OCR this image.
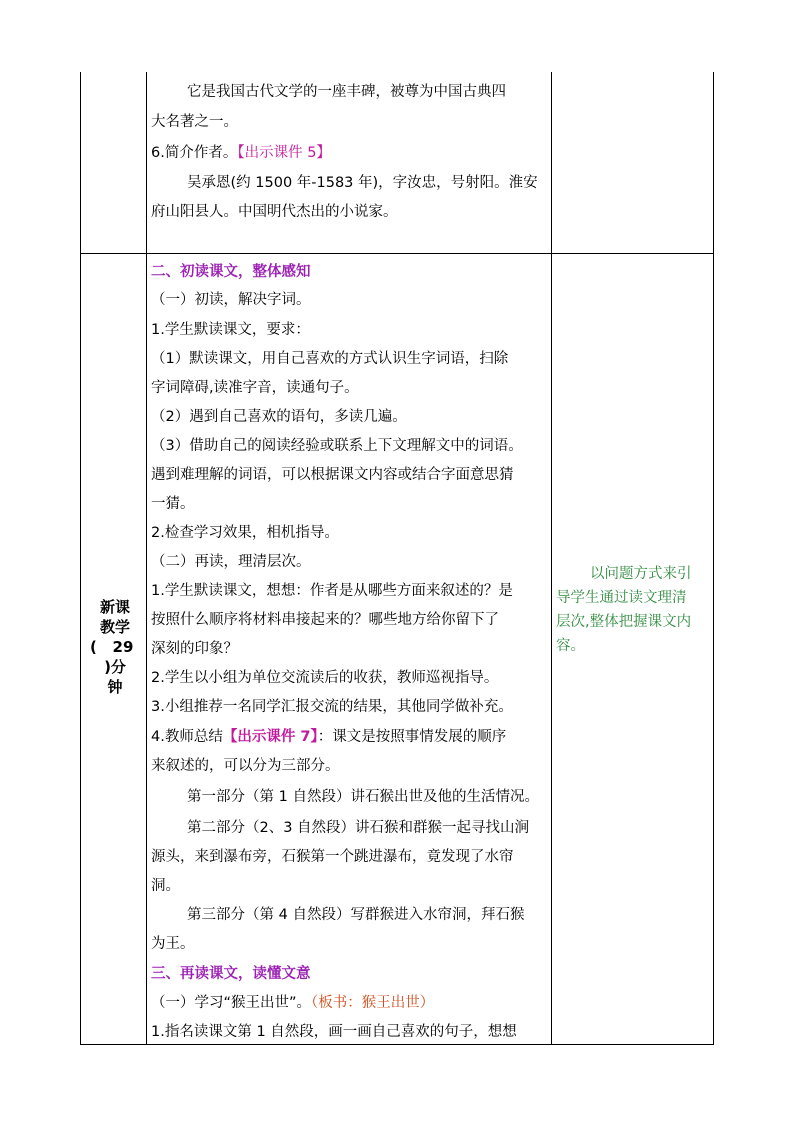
它是我国古代文学的一座丰碑，被尊为中国古典四
大名著之一。
6.简介作者。【出示课件 5】
吴承恩(约 1500 年-1583 年)，字汝忠，号射阳。淮安
府山阳县人。中国明代杰出的小说家。
新课
教学
(   29
)分
钟
二、初读课文，整体感知
（一）初读，解决字词。
1.学生默读课文，要求：
（1）默读课文，用自己喜欢的方式认识生字词语，扫除
字词障碍,读准字音，读通句子。
（2）遇到自己喜欢的语句，多读几遍。
（3）借助自己的阅读经验或联系上下文理解文中的词语。
遇到难理解的词语，可以根据课文内容或结合字面意思猜
一猜。
2.检查学习效果，相机指导。
（二）再读，理清层次。
1.学生默读课文，想想：作者是从哪些方面来叙述的？是
按照什么顺序将材料串接起来的？哪些地方给你留下了
深刻的印象？
2.学生以小组为单位交流读后的收获，教师巡视指导。
3.小组推荐一名同学汇报交流的结果，其他同学做补充。
4.教师总结【出示课件 7】：课文是按照事情发展的顺序
来叙述的，可以分为三部分。
第一部分（第 1 自然段）讲石猴出世及他的生活情况。
第二部分（2、3 自然段）讲石猴和群猴一起寻找山涧
源头，来到瀑布旁，石猴第一个跳进瀑布，竟发现了水帘
洞。
第三部分（第 4 自然段）写群猴进入水帘洞，拜石猴
为王。
三、再读课文，读懂文意
（一）学习“猴王出世”。（板书：猴王出世）
1.指名读课文第 1 自然段，画一画自己喜欢的句子，想想
以问题方式来引
导学生通过读文理清
层次,整体把握课文内
容。
